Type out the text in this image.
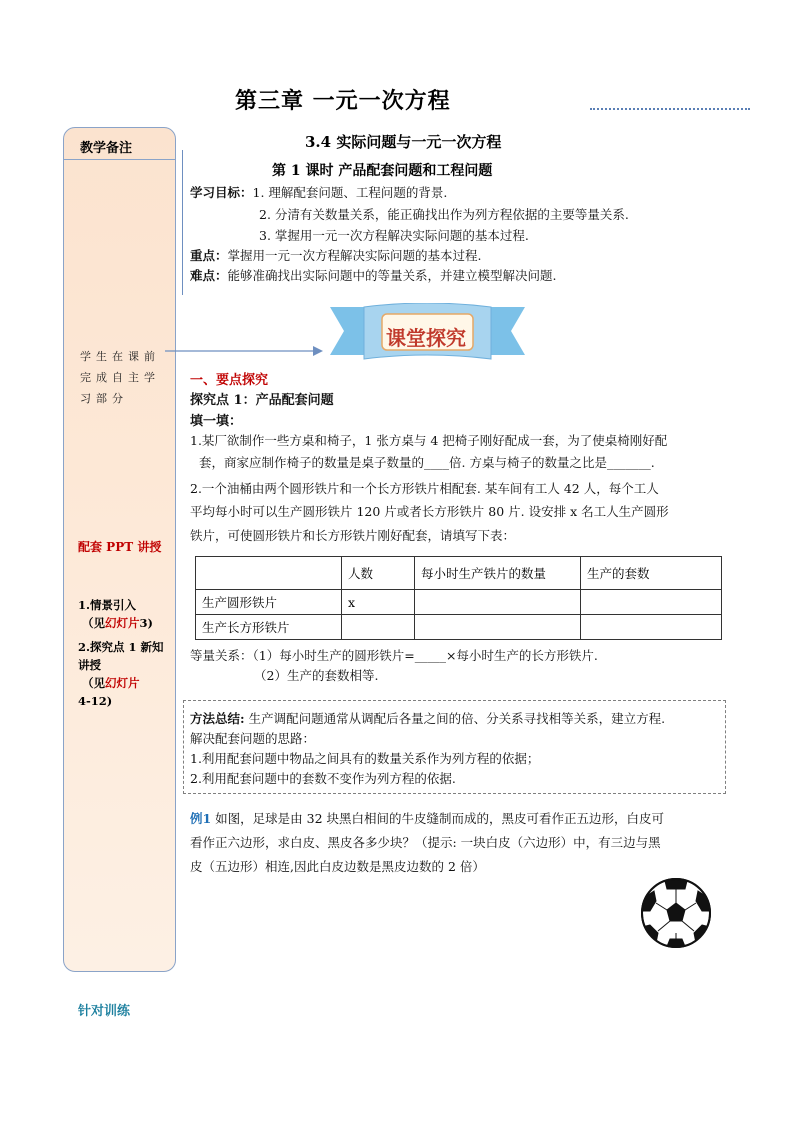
第三章 一元一次方程
教学备注
学生在课前完成自主学习部分
配套 PPT 讲授
1.情景引入
（见幻灯片3)
2.探究点 1 新知讲授
（见幻灯片
4-12)
3.4 实际问题与一元一次方程
第 1 课时 产品配套问题和工程问题
学习目标：1. 理解配套问题、工程问题的背景.
2. 分清有关数量关系，能正确找出作为列方程依据的主要等量关系.
3. 掌握用一元一次方程解决实际问题的基本过程.
重点：掌握用一元一次方程解决实际问题的基本过程.
难点：能够准确找出实际问题中的等量关系，并建立模型解决问题.
课堂探究
一、要点探究
探究点 1：产品配套问题
填一填：
1.某厂欲制作一些方桌和椅子，1 张方桌与 4 把椅子刚好配成一套，为了使桌椅刚好配
套，商家应制作椅子的数量是桌子数量的____倍. 方桌与椅子的数量之比是_______.
2.一个油桶由两个圆形铁片和一个长方形铁片相配套. 某车间有工人 42 人，每个工人
平均每小时可以生产圆形铁片 120 片或者长方形铁片 80 片. 设安排 x 名工人生产圆形
铁片，可使圆形铁片和长方形铁片刚好配套，请填写下表：
	人数	每小时生产铁片的数量	生产的套数
生产圆形铁片	x		
生产长方形铁片			
等量关系：（1）每小时生产的圆形铁片=_____×每小时生产的长方形铁片.
（2）生产的套数相等.
方法总结: 生产调配问题通常从调配后各量之间的倍、分关系寻找相等关系，建立方程.
解决配套问题的思路：
1.利用配套问题中物品之间具有的数量关系作为列方程的依据；
2.利用配套问题中的套数不变作为列方程的依据.
例1 如图，足球是由 32 块黑白相间的牛皮缝制而成的，黑皮可看作正五边形，白皮可
看作正六边形，求白皮、黑皮各多少块？（提示: 一块白皮（六边形）中，有三边与黑
皮（五边形）相连,因此白皮边数是黑皮边数的 2 倍）
针对训练
